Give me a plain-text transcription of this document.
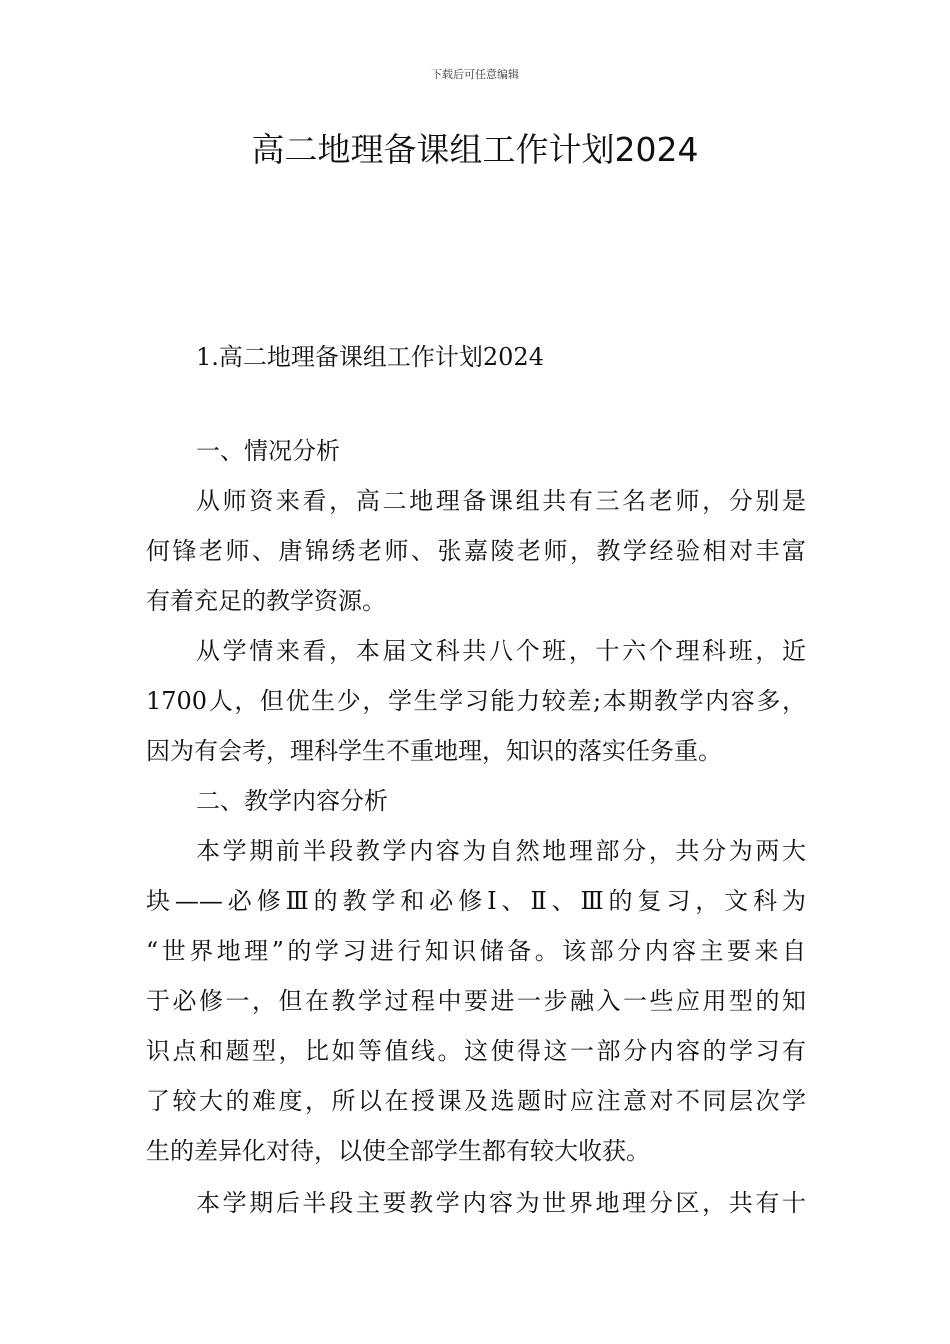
下载后可任意编辑
高二地理备课组工作计划2024
1.高二地理备课组工作计划2024
一、情况分析
从师资来看，高二地理备课组共有三名老师，分别是
何锋老师、唐锦绣老师、张嘉陵老师，教学经验相对丰富
有着充足的教学资源。
从学情来看，本届文科共八个班，十六个理科班，近
1700人，但优生少，学生学习能力较差;本期教学内容多，
因为有会考，理科学生不重地理，知识的落实任务重。
二、教学内容分析
本学期前半段教学内容为自然地理部分，共分为两大
块——必修Ⅲ的教学和必修Ⅰ、Ⅱ、Ⅲ的复习，文科为
“世界地理”的学习进行知识储备。该部分内容主要来自
于必修一，但在教学过程中要进一步融入一些应用型的知
识点和题型，比如等值线。这使得这一部分内容的学习有
了较大的难度，所以在授课及选题时应注意对不同层次学
生的差异化对待，以使全部学生都有较大收获。
本学期后半段主要教学内容为世界地理分区，共有十
